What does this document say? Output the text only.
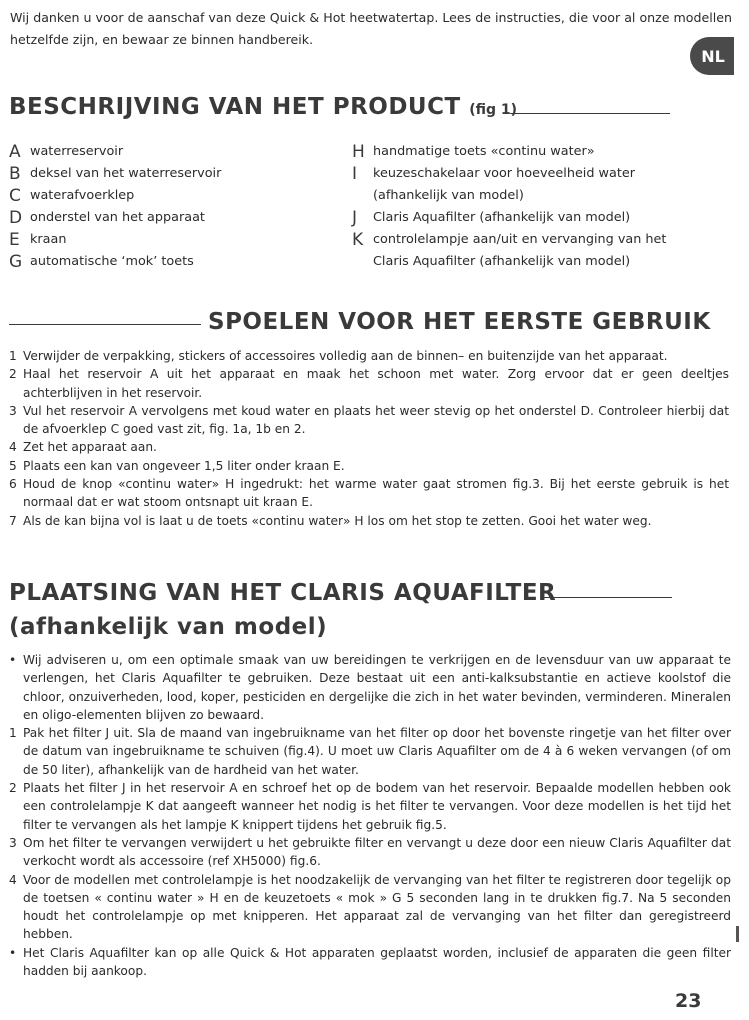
Wij danken u voor de aanschaf van deze Quick & Hot heetwatertap. Lees de instructies, die voor al onze modellen hetzelfde zijn, en bewaar ze binnen handbereik.
NL
BESCHRIJVING VAN HET PRODUCT (fig 1)
A waterreservoir
B deksel van het waterreservoir
C waterafvoerklep
D onderstel van het apparaat
E kraan
G automatische ‘mok’ toets
H handmatige toets «continu water»
I	keuzeschakelaar voor hoeveelheid water
(afhankelijk van model)
J	Claris Aquafilter (afhankelijk van model)
K controlelampje aan/uit en vervanging van het
Claris Aquafilter (afhankelijk van model)
SPOELEN VOOR HET EERSTE GEBRUIK
1 Verwijder de verpakking, stickers of accessoires volledig aan de binnen– en buitenzijde van het apparaat.
2 Haal het reservoir A uit het apparaat en maak het schoon met water. Zorg ervoor dat er geen deeltjes achterblijven in het reservoir.
3 Vul het reservoir A vervolgens met koud water en plaats het weer stevig op het onderstel D. Controleer hierbij dat de afvoerklep C goed vast zit, fig. 1a, 1b en 2.
4 Zet het apparaat aan.
5 Plaats een kan van ongeveer 1,5 liter onder kraan E.
6 Houd de knop «continu water» H ingedrukt: het warme water gaat stromen fig.3. Bij het eerste gebruik is het normaal dat er wat stoom ontsnapt uit kraan E.
7 Als de kan bijna vol is laat u de toets «continu water» H los om het stop te zetten. Gooi het water weg.
PLAATSING VAN HET CLARIS AQUAFILTER
(afhankelijk van model)
• Wij adviseren u, om een optimale smaak van uw bereidingen te verkrijgen en de levensduur van uw apparaat te verlengen, het Claris Aquafilter te gebruiken. Deze bestaat uit een anti-kalksubstantie en actieve koolstof die chloor, onzuiverheden, lood, koper, pesticiden en dergelijke die zich in het water bevinden, verminderen. Mineralen en oligo-elementen blijven zo bewaard.
1 Pak het filter J uit. Sla de maand van ingebruikname van het filter op door het bovenste ringetje van het filter over de datum van ingebruikname te schuiven (fig.4). U moet uw Claris Aquafilter om de 4 à 6 weken vervangen (of om de 50 liter), afhankelijk van de hardheid van het water.
2 Plaats het filter J in het reservoir A en schroef het op de bodem van het reservoir. Bepaalde modellen hebben ook een controlelampje K dat aangeeft wanneer het nodig is het filter te vervangen. Voor deze modellen is het tijd het filter te vervangen als het lampje K knippert tijdens het gebruik fig.5.
3 Om het filter te vervangen verwijdert u het gebruikte filter en vervangt u deze door een nieuw Claris Aquafilter dat verkocht wordt als accessoire (ref XH5000) fig.6.
4 Voor de modellen met controlelampje is het noodzakelijk de vervanging van het filter te registreren door tegelijk op de toetsen « continu water » H en de keuzetoets « mok » G 5 seconden lang in te drukken fig.7. Na 5 seconden houdt het controlelampje op met knipperen. Het apparaat zal de vervanging van het filter dan geregistreerd hebben.
• Het Claris Aquafilter kan op alle Quick & Hot apparaten geplaatst worden, inclusief de apparaten die geen filter hadden bij aankoop.
23
